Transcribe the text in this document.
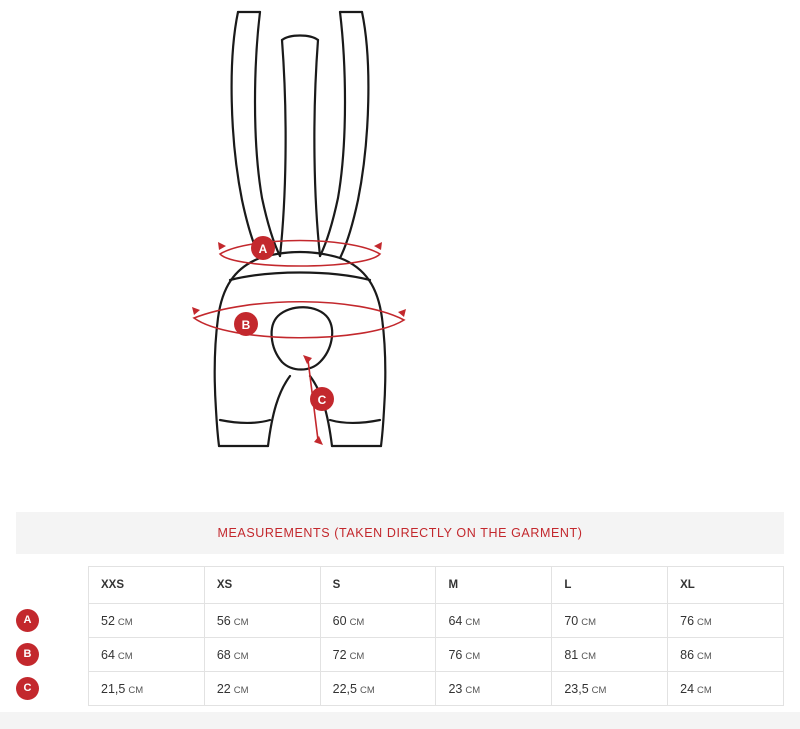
A
B
C
MEASUREMENTS (TAKEN DIRECTLY ON THE GARMENT)
	XXS	XS	S	M	L	XL
A	52 CM	56 CM	60 CM	64 CM	70 CM	76 CM
B	64 CM	68 CM	72 CM	76 CM	81 CM	86 CM
C	21,5 CM	22 CM	22,5 CM	23 CM	23,5 CM	24 CM
